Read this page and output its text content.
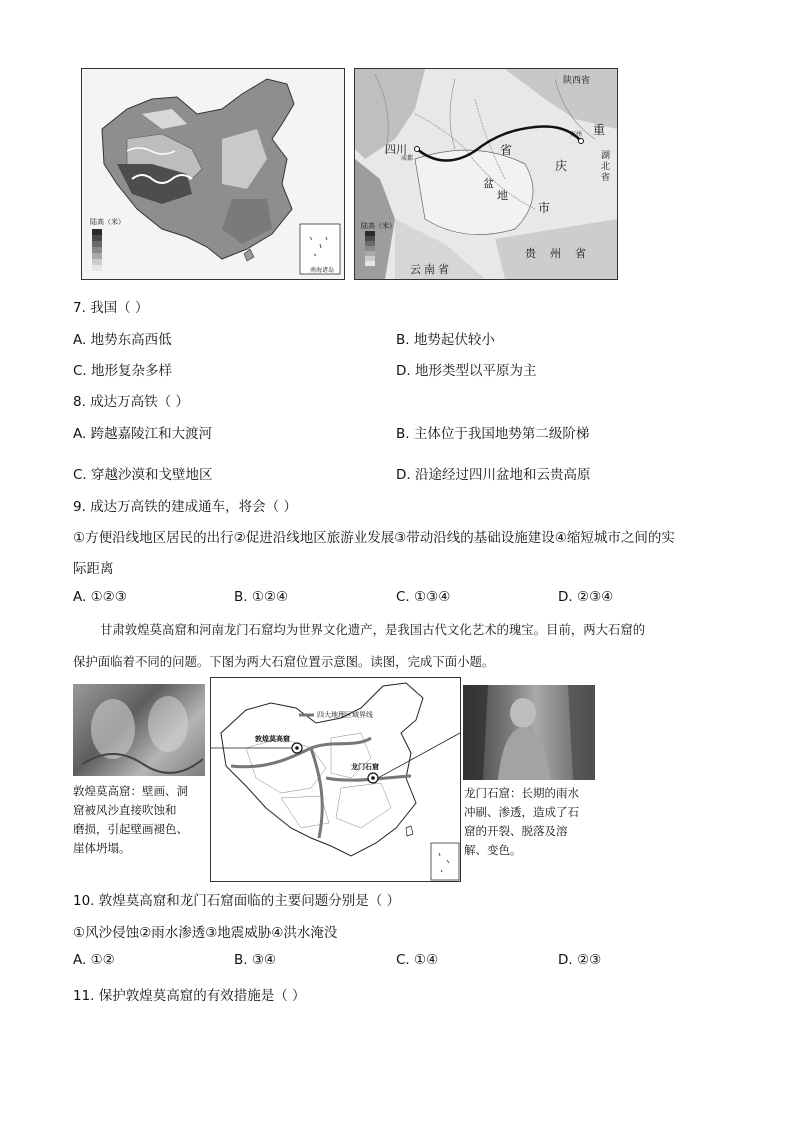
陆高（米）
南海诸岛
四川
成都
省
盆
地
重
庆
市
万州
湖北省
陕西省
云南省
贵州省
陆高（米）
7. 我国（ ）
A. 地势东高西低	B. 地势起伏较小
C. 地形复杂多样	D. 地形类型以平原为主
8. 成达万高铁（ ）
A. 跨越嘉陵江和大渡河	B. 主体位于我国地势第二级阶梯
C. 穿越沙漠和戈壁地区	D. 沿途经过四川盆地和云贵高原
9. 成达万高铁的建成通车，将会（ ）
①方便沿线地区居民的出行②促进沿线地区旅游业发展③带动沿线的基础设施建设④缩短城市之间的实
际距离
A. ①②③	B. ①②④	C. ①③④	D. ②③④
甘肃敦煌莫高窟和河南龙门石窟均为世界文化遗产，是我国古代文化艺术的瑰宝。目前，两大石窟的
保护面临着不同的问题。下图为两大石窟位置示意图。读图，完成下面小题。
敦煌莫高窟：壁画、洞
窟被风沙直接吹蚀和
磨损，引起壁画褪色、
崖体坍塌。
四大地理区域界线
敦煌莫高窟
龙门石窟
龙门石窟：长期的雨水
冲刷、渗透，造成了石
窟的开裂、脱落及溶
解、变色。
10. 敦煌莫高窟和龙门石窟面临的主要问题分别是（ ）
①风沙侵蚀②雨水渗透③地震威胁④洪水淹没
A. ①②	B. ③④	C. ①④	D. ②③
11. 保护敦煌莫高窟的有效措施是（ ）
